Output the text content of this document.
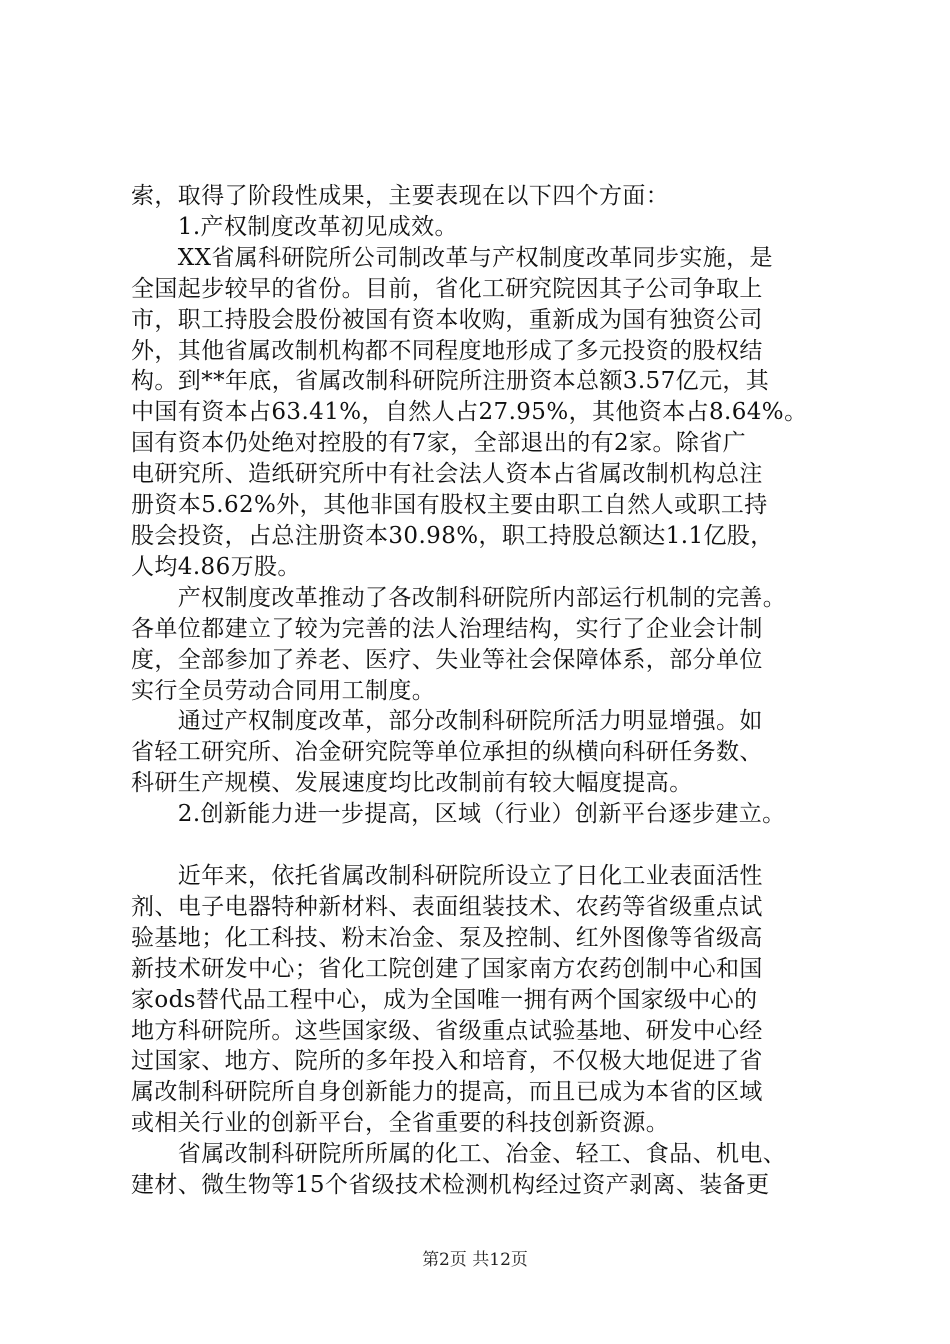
索，取得了阶段性成果，主要表现在以下四个方面：

　　1.产权制度改革初见成效。

　　XX省属科研院所公司制改革与产权制度改革同步实施，是

全国起步较早的省份。目前，省化工研究院因其子公司争取上

市，职工持股会股份被国有资本收购，重新成为国有独资公司

外，其他省属改制机构都不同程度地形成了多元投资的股权结

构。到**年底，省属改制科研院所注册资本总额3.57亿元，其

中国有资本占63.41%，自然人占27.95%，其他资本占8.64%。

国有资本仍处绝对控股的有7家，全部退出的有2家。除省广

电研究所、造纸研究所中有社会法人资本占省属改制机构总注

册资本5.62%外，其他非国有股权主要由职工自然人或职工持

股会投资，占总注册资本30.98%，职工持股总额达1.1亿股，

人均4.86万股。

　　产权制度改革推动了各改制科研院所内部运行机制的完善。

各单位都建立了较为完善的法人治理结构，实行了企业会计制

度，全部参加了养老、医疗、失业等社会保障体系，部分单位

实行全员劳动合同用工制度。

　　通过产权制度改革，部分改制科研院所活力明显增强。如

省轻工研究所、冶金研究院等单位承担的纵横向科研任务数、

科研生产规模、发展速度均比改制前有较大幅度提高。

　　2.创新能力进一步提高，区域（行业）创新平台逐步建立。

　　近年来，依托省属改制科研院所设立了日化工业表面活性

剂、电子电器特种新材料、表面组装技术、农药等省级重点试

验基地；化工科技、粉末冶金、泵及控制、红外图像等省级高

新技术研发中心；省化工院创建了国家南方农药创制中心和国

家ods替代品工程中心，成为全国唯一拥有两个国家级中心的

地方科研院所。这些国家级、省级重点试验基地、研发中心经

过国家、地方、院所的多年投入和培育，不仅极大地促进了省

属改制科研院所自身创新能力的提高，而且已成为本省的区域

或相关行业的创新平台，全省重要的科技创新资源。

　　省属改制科研院所所属的化工、冶金、轻工、食品、机电、

建材、微生物等15个省级技术检测机构经过资产剥离、装备更

第2页 共12页
